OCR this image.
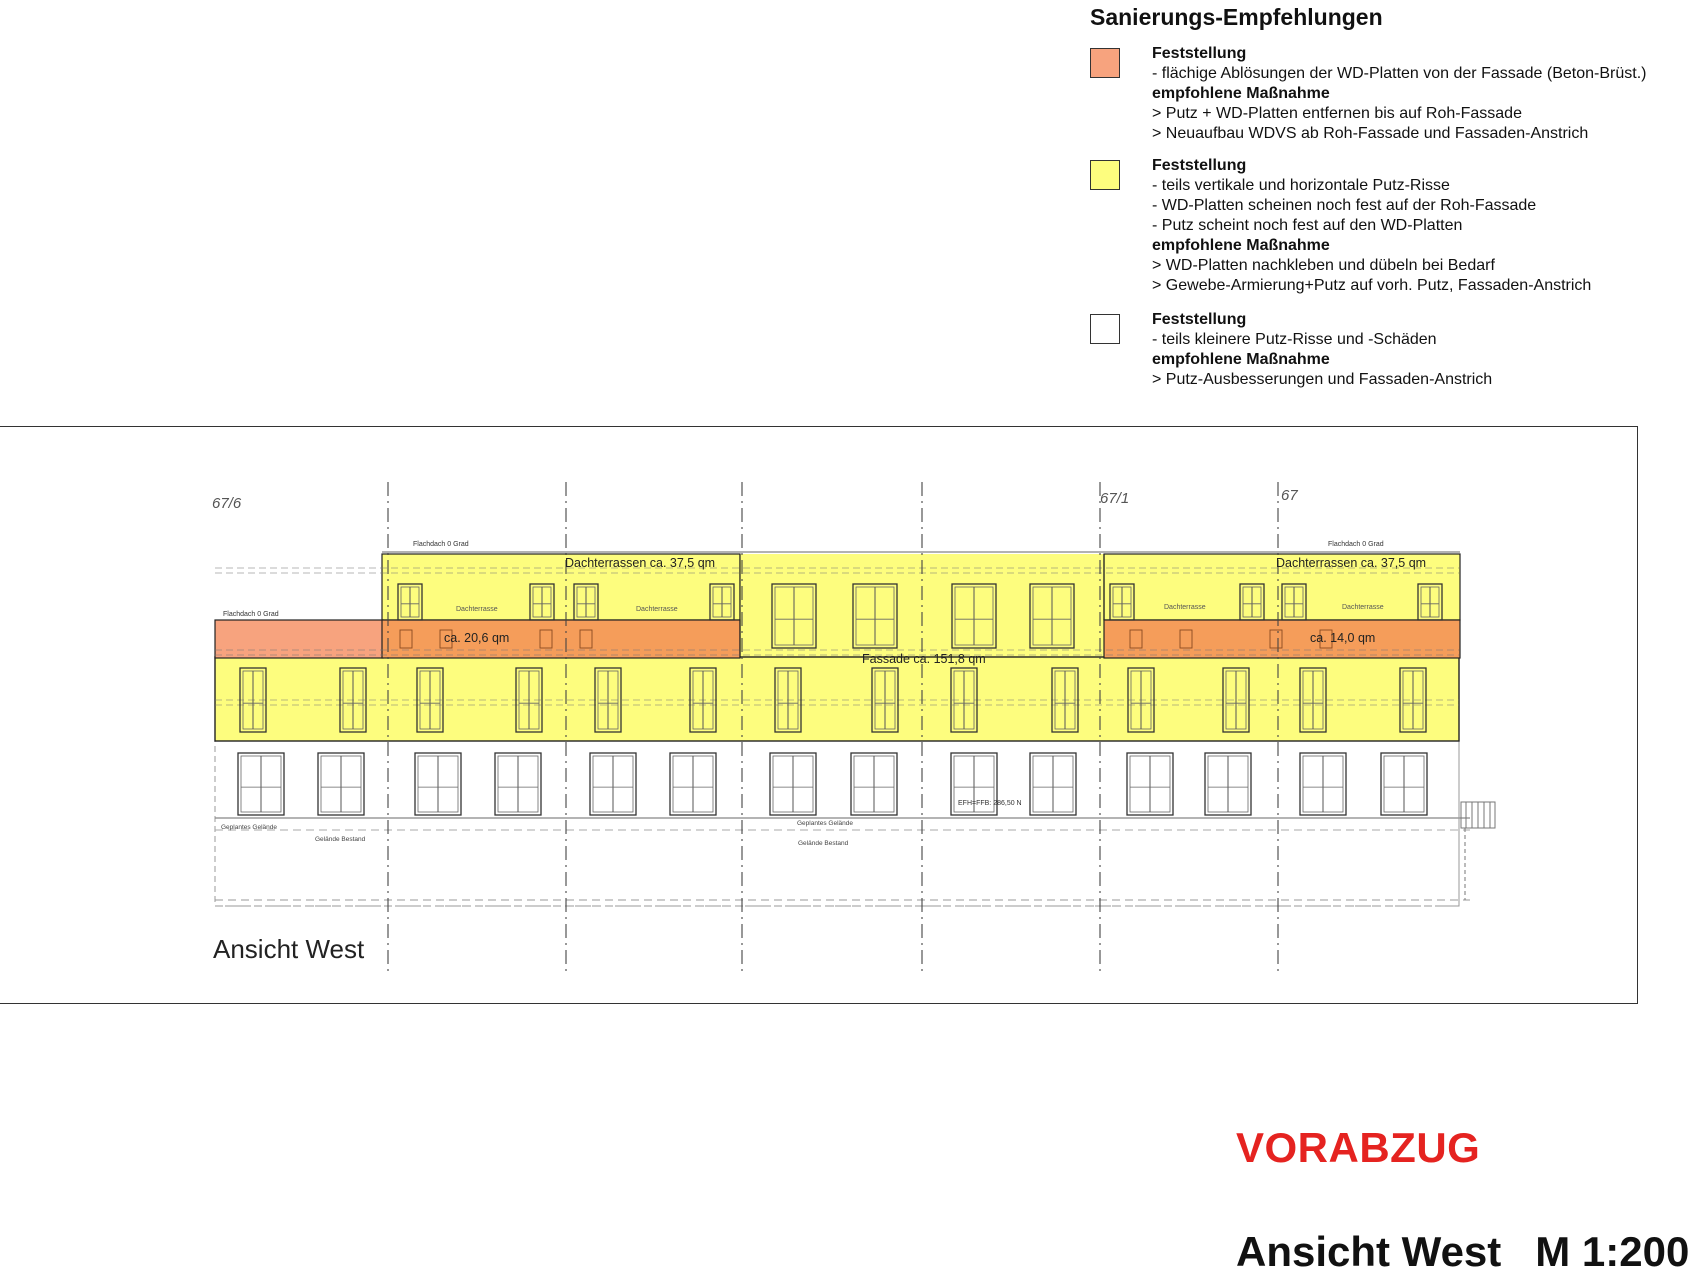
Sanierungs-Empfehlungen
Feststellung
- flächige Ablösungen der WD-Platten von der Fassade (Beton-Brüst.)
empfohlene Maßnahme
> Putz + WD-Platten entfernen bis auf Roh-Fassade
> Neuaufbau WDVS ab Roh-Fassade und Fassaden-Anstrich
Feststellung
- teils vertikale und horizontale Putz-Risse
- WD-Platten scheinen noch fest auf der Roh-Fassade
- Putz scheint noch fest auf den WD-Platten
empfohlene Maßnahme
> WD-Platten nachkleben und dübeln bei Bedarf
> Gewebe-Armierung+Putz auf vorh. Putz, Fassaden-Anstrich
Feststellung
- teils kleinere Putz-Risse und -Schäden
empfohlene Maßnahme
> Putz-Ausbesserungen und Fassaden-Anstrich
67/6	67/1	67
Flachdach 0 Grad
Flachdach 0 Grad
Flachdach 0 Grad
Dachterrasse	Dachterrasse	Dachterrasse	Dachterrasse
Dachterrassen ca. 37,5 qm	Dachterrassen ca. 37,5 qm
ca. 20,6 qm	ca. 14,0 qm
Fassade ca. 151,8 qm
Geplantes Gelände
Gelände Bestand
Geplantes Gelände
Gelände Bestand
EFH=FFB: 286,50 N
Ansicht West
VORABZUG
Ansicht West M 1:200
